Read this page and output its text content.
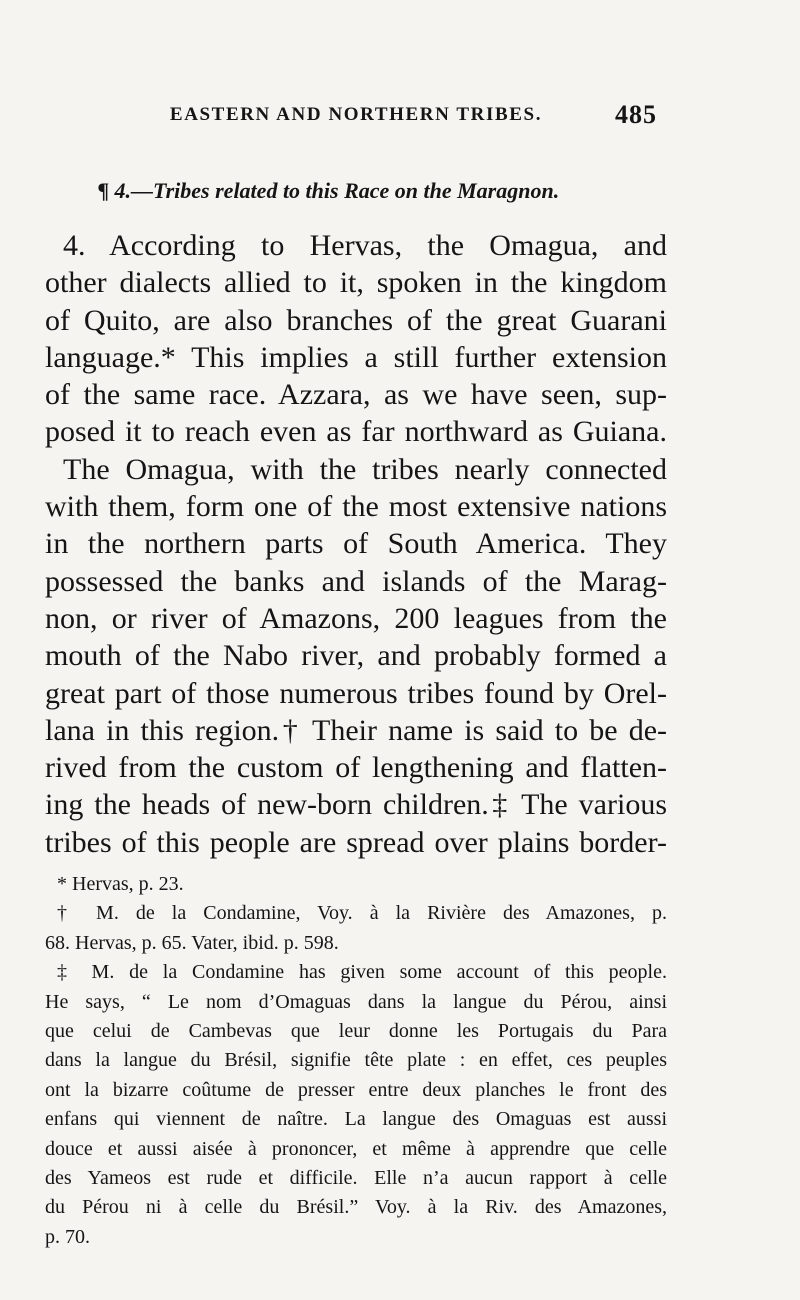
EASTERN AND NORTHERN TRIBES.	485
¶ 4.—Tribes related to this Race on the Maragnon.
4. According to Hervas, the Omagua, and
other dialects allied to it, spoken in the kingdom
of Quito, are also branches of the great Guarani
language.* This implies a still further extension
of the same race. Azzara, as we have seen, sup-
posed it to reach even as far northward as Guiana.
The Omagua, with the tribes nearly connected
with them, form one of the most extensive nations
in the northern parts of South America. They
possessed the banks and islands of the Marag-
non, or river of Amazons, 200 leagues from the
mouth of the Nabo river, and probably formed a
great part of those numerous tribes found by Orel-
lana in this region.† Their name is said to be de-
rived from the custom of lengthening and flatten-
ing the heads of new-born children.‡ The various
tribes of this people are spread over plains border-
* Hervas, p. 23.
† M. de la Condamine, Voy. à la Rivière des Amazones, p.
68. Hervas, p. 65. Vater, ibid. p. 598.
‡ M. de la Condamine has given some account of this people.
He says, “ Le nom d’Omaguas dans la langue du Pérou, ainsi
que celui de Cambevas que leur donne les Portugais du Para
dans la langue du Brésil, signifie tête plate : en effet, ces peuples
ont la bizarre coûtume de presser entre deux planches le front des
enfans qui viennent de naître. La langue des Omaguas est aussi
douce et aussi aisée à prononcer, et même à apprendre que celle
des Yameos est rude et difficile. Elle n’a aucun rapport à celle
du Pérou ni à celle du Brésil.” Voy. à la Riv. des Amazones,
p. 70.
